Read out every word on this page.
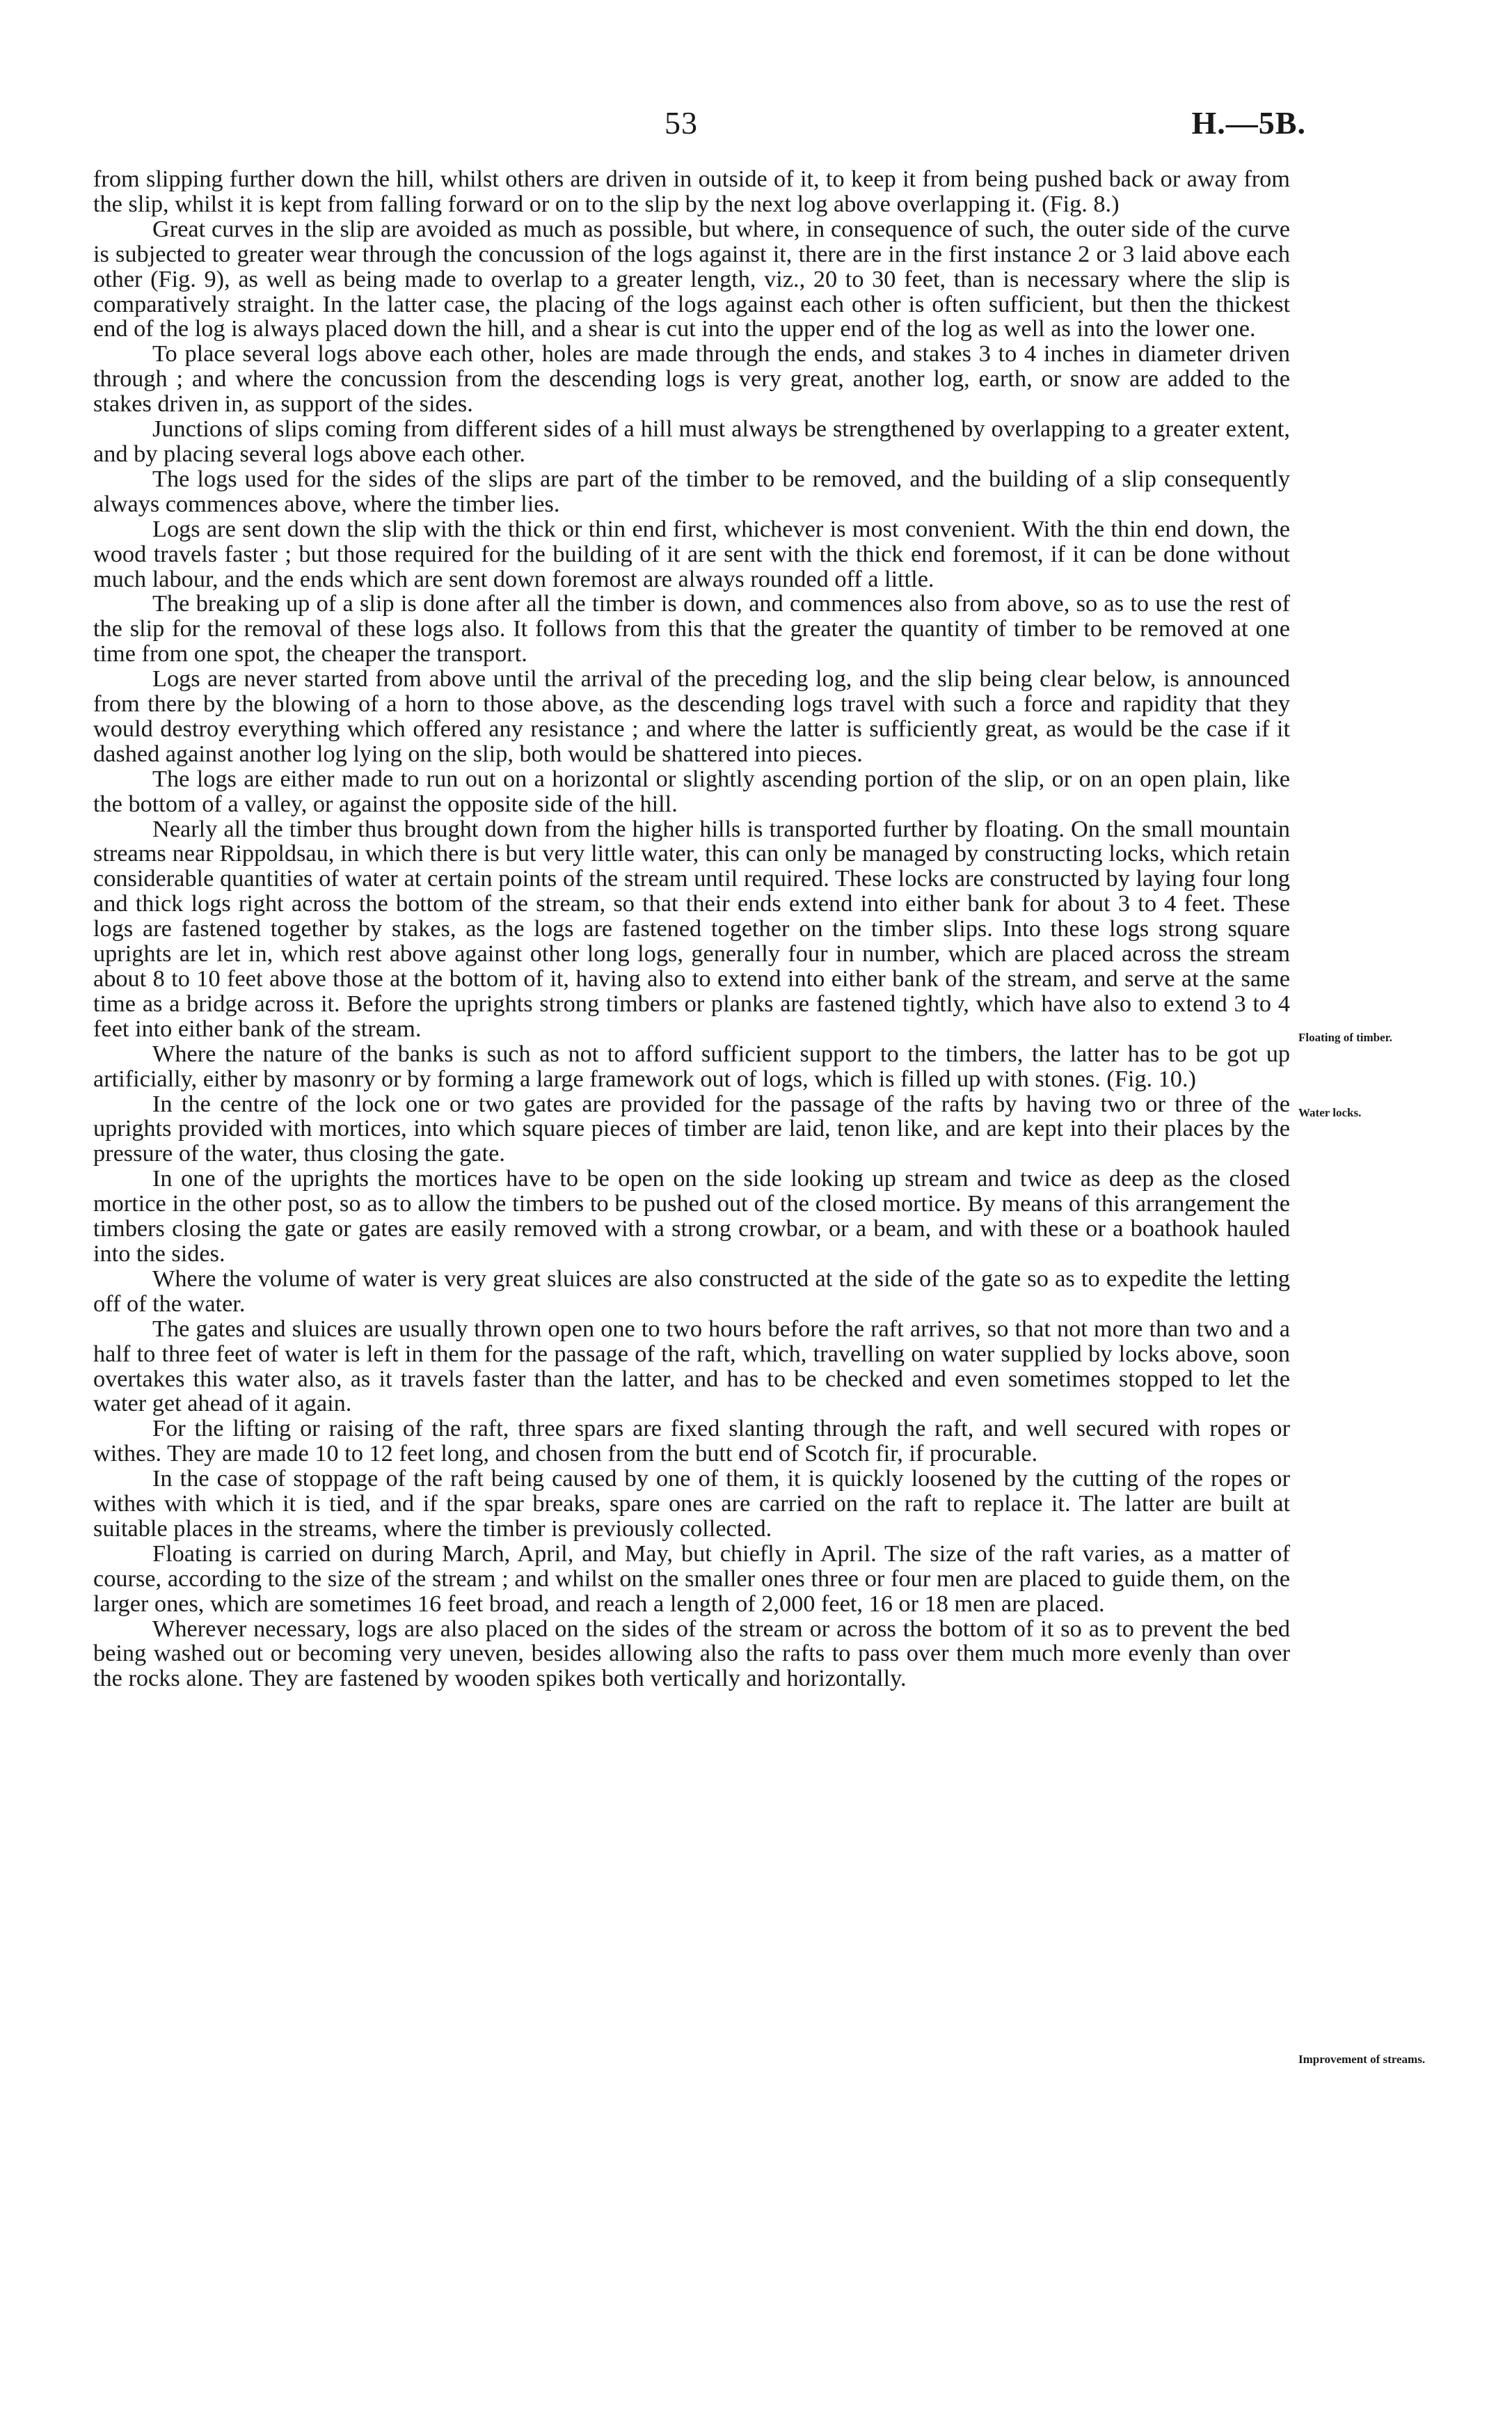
53	H.—5B.

from slipping further down the hill, whilst others are driven in outside of it, to keep it from being pushed back or away from the slip, whilst it is kept from falling forward or on to the slip by the next log above overlapping it. (Fig. 8.)

Great curves in the slip are avoided as much as possible, but where, in consequence of such, the outer side of the curve is subjected to greater wear through the concussion of the logs against it, there are in the first instance 2 or 3 laid above each other (Fig. 9), as well as being made to overlap to a greater length, viz., 20 to 30 feet, than is necessary where the slip is comparatively straight. In the latter case, the placing of the logs against each other is often sufficient, but then the thickest end of the log is always placed down the hill, and a shear is cut into the upper end of the log as well as into the lower one.

To place several logs above each other, holes are made through the ends, and stakes 3 to 4 inches in diameter driven through ; and where the concussion from the descending logs is very great, another log, earth, or snow are added to the stakes driven in, as support of the sides.

Junctions of slips coming from different sides of a hill must always be strengthened by overlapping to a greater extent, and by placing several logs above each other.

The logs used for the sides of the slips are part of the timber to be removed, and the building of a slip consequently always commences above, where the timber lies.

Logs are sent down the slip with the thick or thin end first, whichever is most convenient. With the thin end down, the wood travels faster ; but those required for the building of it are sent with the thick end foremost, if it can be done without much labour, and the ends which are sent down foremost are always rounded off a little.

The breaking up of a slip is done after all the timber is down, and commences also from above, so as to use the rest of the slip for the removal of these logs also. It follows from this that the greater the quantity of timber to be removed at one time from one spot, the cheaper the transport.

Logs are never started from above until the arrival of the preceding log, and the slip being clear below, is announced from there by the blowing of a horn to those above, as the descending logs travel with such a force and rapidity that they would destroy everything which offered any resistance ; and where the latter is sufficiently great, as would be the case if it dashed against another log lying on the slip, both would be shattered into pieces.

The logs are either made to run out on a horizontal or slightly ascending portion of the slip, or on an open plain, like the bottom of a valley, or against the opposite side of the hill.

Nearly all the timber thus brought down from the higher hills is transported further by floating. On the small mountain streams near Rippoldsau, in which there is but very little water, this can only be managed by constructing locks, which retain considerable quantities of water at certain points of the stream until required. These locks are constructed by laying four long and thick logs right across the bottom of the stream, so that their ends extend into either bank for about 3 to 4 feet. These logs are fastened together by stakes, as the logs are fastened together on the timber slips. Into these logs strong square uprights are let in, which rest above against other long logs, generally four in number, which are placed across the stream about 8 to 10 feet above those at the bottom of it, having also to extend into either bank of the stream, and serve at the same time as a bridge across it. Before the uprights strong timbers or planks are fastened tightly, which have also to extend 3 to 4 feet into either bank of the stream.

Where the nature of the banks is such as not to afford sufficient support to the timbers, the latter has to be got up artificially, either by masonry or by forming a large framework out of logs, which is filled up with stones. (Fig. 10.)

In the centre of the lock one or two gates are provided for the passage of the rafts by having two or three of the uprights provided with mortices, into which square pieces of timber are laid, tenon like, and are kept into their places by the pressure of the water, thus closing the gate.

In one of the uprights the mortices have to be open on the side looking up stream and twice as deep as the closed mortice in the other post, so as to allow the timbers to be pushed out of the closed mortice. By means of this arrangement the timbers closing the gate or gates are easily removed with a strong crowbar, or a beam, and with these or a boathook hauled into the sides.

Where the volume of water is very great sluices are also constructed at the side of the gate so as to expedite the letting off of the water.

The gates and sluices are usually thrown open one to two hours before the raft arrives, so that not more than two and a half to three feet of water is left in them for the passage of the raft, which, travelling on water supplied by locks above, soon overtakes this water also, as it travels faster than the latter, and has to be checked and even sometimes stopped to let the water get ahead of it again.

For the lifting or raising of the raft, three spars are fixed slanting through the raft, and well secured with ropes or withes. They are made 10 to 12 feet long, and chosen from the butt end of Scotch fir, if procurable.

In the case of stoppage of the raft being caused by one of them, it is quickly loosened by the cutting of the ropes or withes with which it is tied, and if the spar breaks, spare ones are carried on the raft to replace it. The latter are built at suitable places in the streams, where the timber is previously collected.

Floating is carried on during March, April, and May, but chiefly in April. The size of the raft varies, as a matter of course, according to the size of the stream ; and whilst on the smaller ones three or four men are placed to guide them, on the larger ones, which are sometimes 16 feet broad, and reach a length of 2,000 feet, 16 or 18 men are placed.

Wherever necessary, logs are also placed on the sides of the stream or across the bottom of it so as to prevent the bed being washed out or becoming very uneven, besides allowing also the rafts to pass over them much more evenly than over the rocks alone. They are fastened by wooden spikes both vertically and horizontally.

Floating of timber.
Water locks.
Improvement of streams.
